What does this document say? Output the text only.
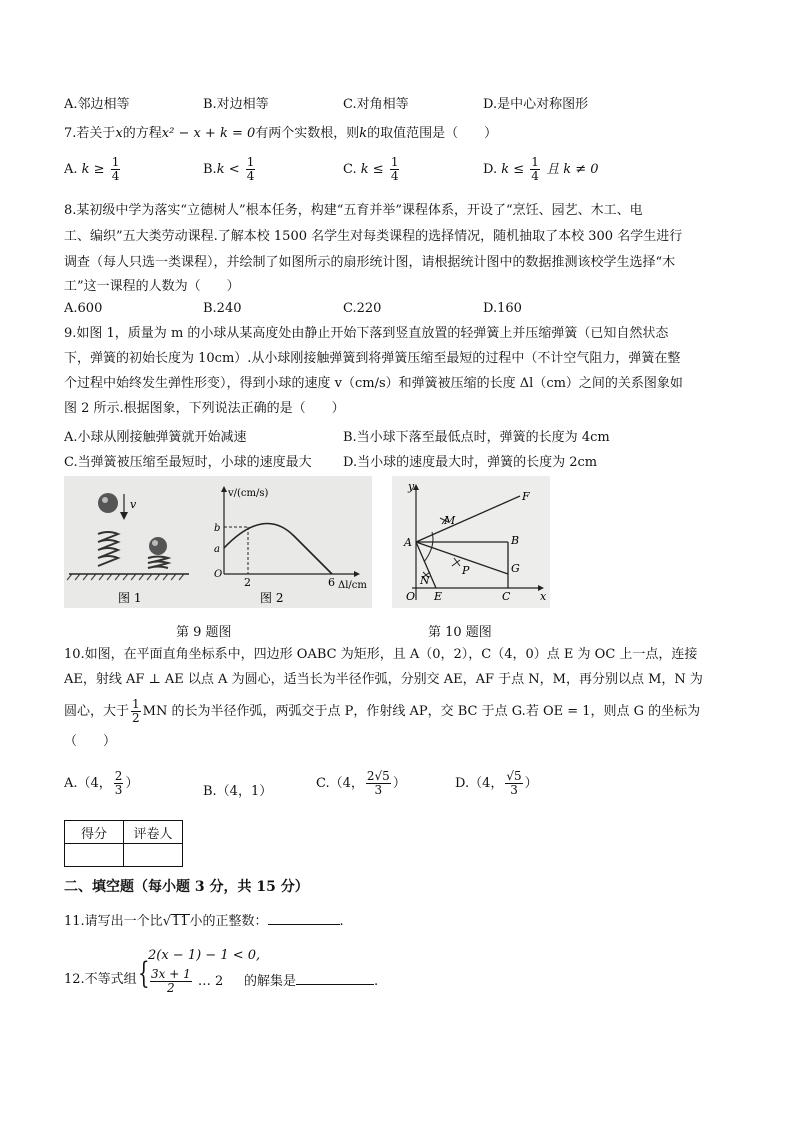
A.邻边相等	B.对边相等	C.对角相等	D.是中心对称图形
7.若关于x的方程x² − x + k = 0有两个实数根，则k的取值范围是（　　）
A. $k \ge \frac{1}{4}$	$B.k < \frac{1}{4}$	C. $k \le \frac{1}{4}$	D. $k \le \frac{1}{4}$ 且 k ≠ 0
8.某初级中学为落实“立德树人”根本任务，构建“五育并举”课程体系，开设了“烹饪、园艺、木工、电
工、编织”五大类劳动课程.了解本校 1500 名学生对每类课程的选择情况，随机抽取了本校 300 名学生进行
调查（每人只选一类课程），并绘制了如图所示的扇形统计图，请根据统计图中的数据推测该校学生选择“木
工”这一课程的人数为（　　）
A.600	B.240	C.220	D.160
9.如图 1，质量为 m 的小球从某高度处由静止开始下落到竖直放置的轻弹簧上并压缩弹簧（已知自然状态
下，弹簧的初始长度为 10cm）.从小球刚接触弹簧到将弹簧压缩至最短的过程中（不计空气阻力，弹簧在整
个过程中始终发生弹性形变），得到小球的速度 v（cm/s）和弹簧被压缩的长度 Δl（cm）之间的关系图象如
图 2 所示.根据图象，下列说法正确的是（　　）
A.小球从刚接触弹簧就开始减速	B.当小球下落至最低点时，弹簧的长度为 4cm
C.当弹簧被压缩至最短时，小球的速度最大 D.当小球的速度最大时，弹簧的长度为 2cm
v
图 1
v/(cm/s)
b
a
O
2	6 Δl/cm
图 2
y
x
F
M
A	B
P	G
N
O E	C
第 9 题图	第 10 题图
10.如图，在平面直角坐标系中，四边形 OABC 为矩形，且 A（0，2），C（4，0）点 E 为 OC 上一点，连接
AE，射线 AF ⊥ AE 以点 A 为圆心，适当长为半径作弧，分别交 AE，AF 于点 N，M，再分别以点 M，N 为
圆心，大于 $\frac{1}{2}$ MN 的长为半径作弧，两弧交于点 P，作射线 AP，交 BC 于点 G.若 OE = 1，则点 G 的坐标为
（　　）
A.（4， $\frac{2}{3}$ ）
B.（4，1）
C.（4， $\frac{2√5}{3}$ ）	D.（4， $\frac{√5}{3}$ ）
得分	评卷人

二、填空题（每小题 3 分，共 15 分）
11.请写出一个比√11小的正整数：	.
12.不等式组 {
2(x − 1) − 1 < 0,
$\frac{3x + 1}{2}$ … 2 的解集是	.
